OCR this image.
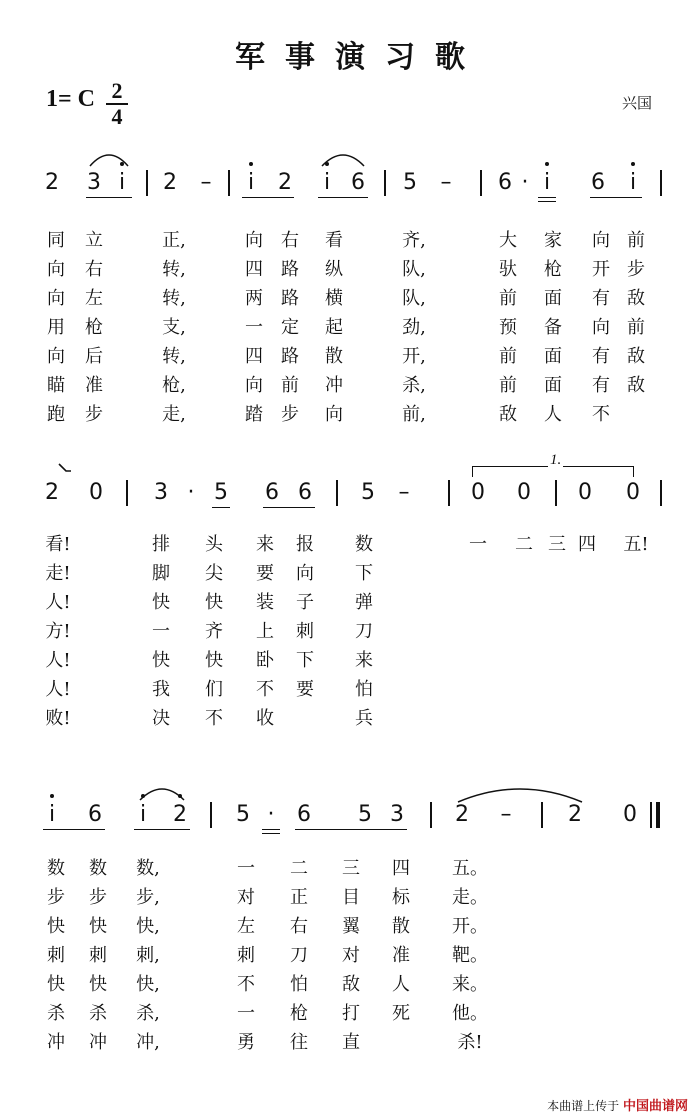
军 事 演 习 歌
1= C 2
4
兴国
2 3 i 2 – i 2 i 6 5 – 6 · i 6 i
同 立	正,	向 右 看	齐,	大 家 向 前
向 右	转,	四 路 纵	队,	驮 枪 开 步
向 左	转,	两 路 横	队,	前 面 有 敌
用 枪	支,	一 定 起	劲,	预 备 向 前
向 后	转,	四 路 散	开,	前 面 有 敌
瞄 准	枪,	向 前 冲	杀,	前 面 有 敌
跑 步	走,	踏 步 向	前,	敌 人 不
1.
2 0 3 · 5 6 6 5 –	0 0 0 0
看!	排 头 来 报 数	一 二 三 四 五!
走!	脚 尖 要 向 下
人!	快 快 装 子 弹
方!	一 齐 上 刺 刀
人!	快 快 卧 下 来
人!	我 们 不 要 怕
败!	决 不 收	兵
i 6 i 2 5 · 6 5 3 2 –	2 0
数 数 数,	一 二 三 四 五。
步 步 步,	对 正 目 标 走。
快 快 快,	左 右 翼 散 开。
刺 刺 刺,	刺 刀 对 准 靶。
快 快 快,	不 怕 敌 人 来。
杀 杀 杀,	一 枪 打 死 他。
冲 冲 冲,	勇 往 直	杀!
本曲谱上传于 中国曲谱网
